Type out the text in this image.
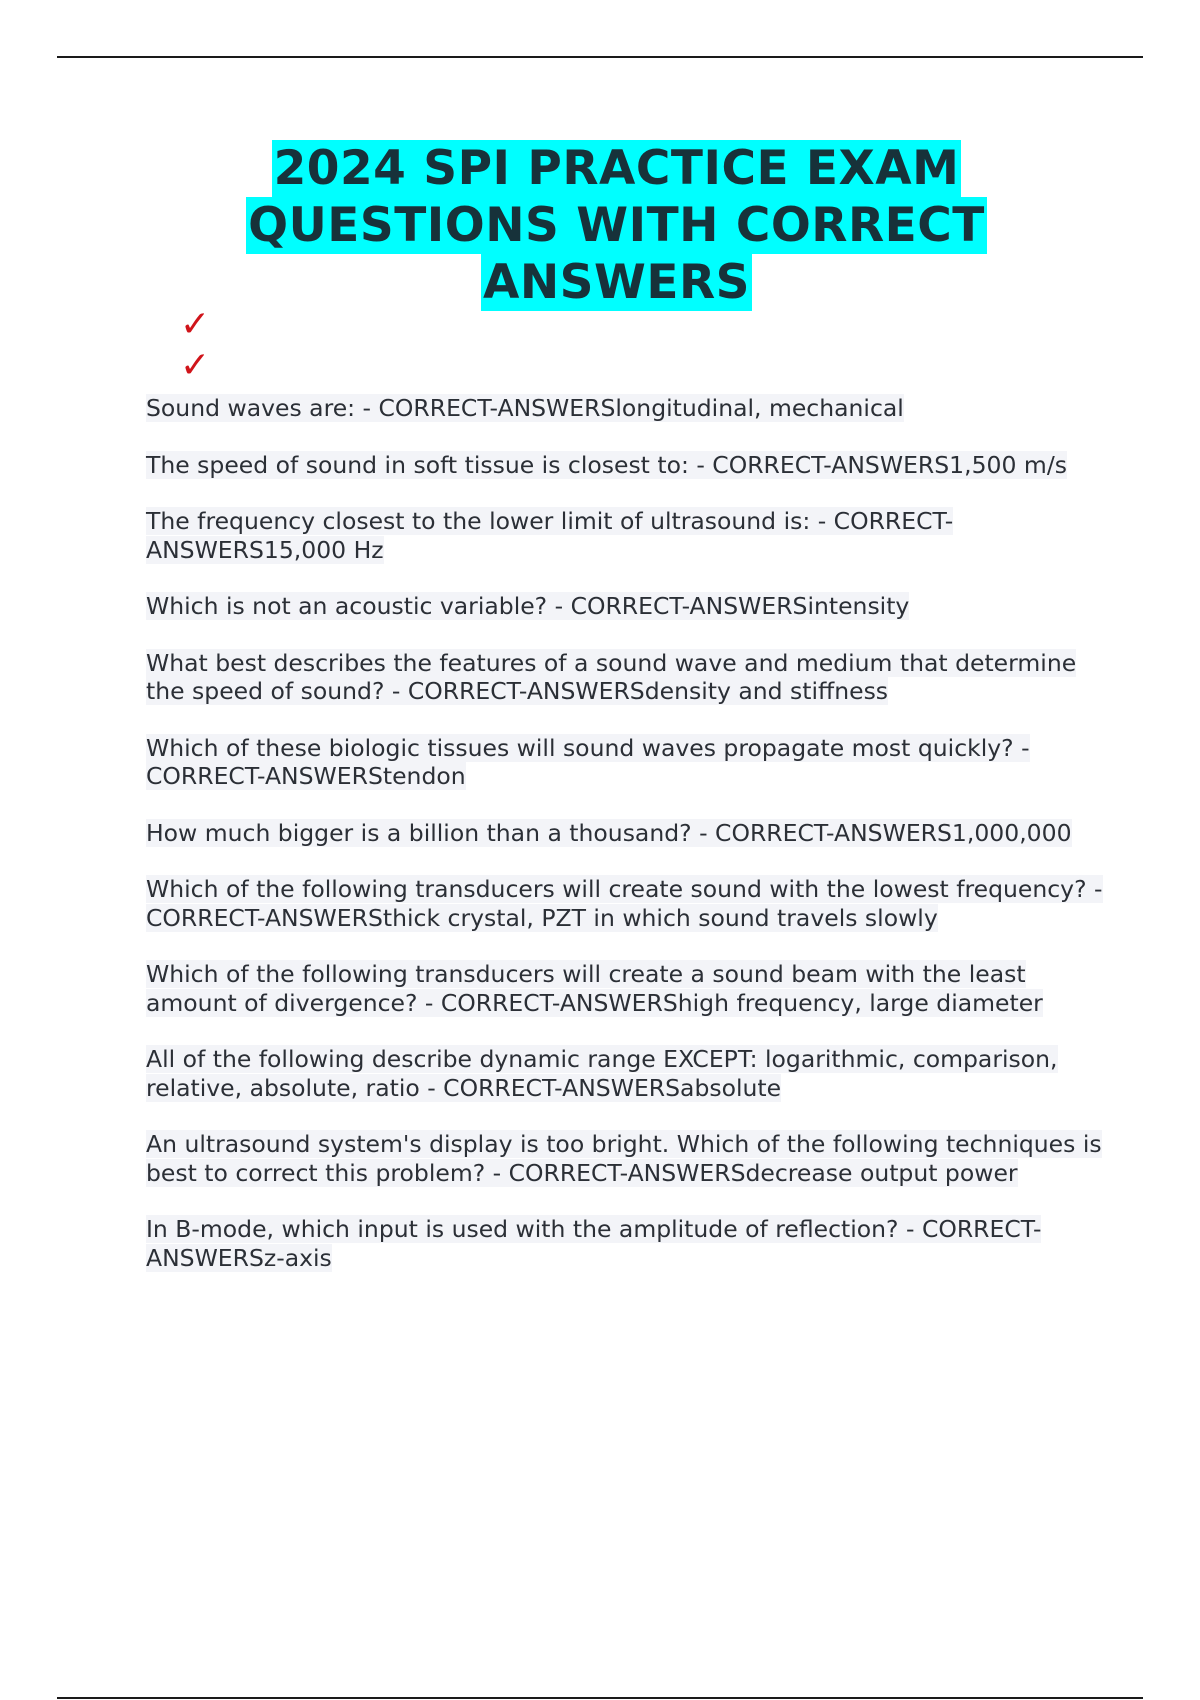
2024 SPI PRACTICE EXAM
QUESTIONS WITH CORRECT
ANSWERS
✓
✓
Sound waves are: - CORRECT-ANSWERSlongitudinal, mechanical
The speed of sound in soft tissue is closest to: - CORRECT-ANSWERS1,500 m/s
The frequency closest to the lower limit of ultrasound is: - CORRECT-ANSWERS15,000 Hz
Which is not an acoustic variable? - CORRECT-ANSWERSintensity
What best describes the features of a sound wave and medium that determine the speed of sound? - CORRECT-ANSWERSdensity and stiffness
Which of these biologic tissues will sound waves propagate most quickly? - CORRECT-ANSWERStendon
How much bigger is a billion than a thousand? - CORRECT-ANSWERS1,000,000
Which of the following transducers will create sound with the lowest frequency? - CORRECT-ANSWERSthick crystal, PZT in which sound travels slowly
Which of the following transducers will create a sound beam with the least amount of divergence? - CORRECT-ANSWERShigh frequency, large diameter
All of the following describe dynamic range EXCEPT: logarithmic, comparison, relative, absolute, ratio - CORRECT-ANSWERSabsolute
An ultrasound system's display is too bright. Which of the following techniques is best to correct this problem? - CORRECT-ANSWERSdecrease output power
In B-mode, which input is used with the amplitude of reflection? - CORRECT-ANSWERSz-axis
